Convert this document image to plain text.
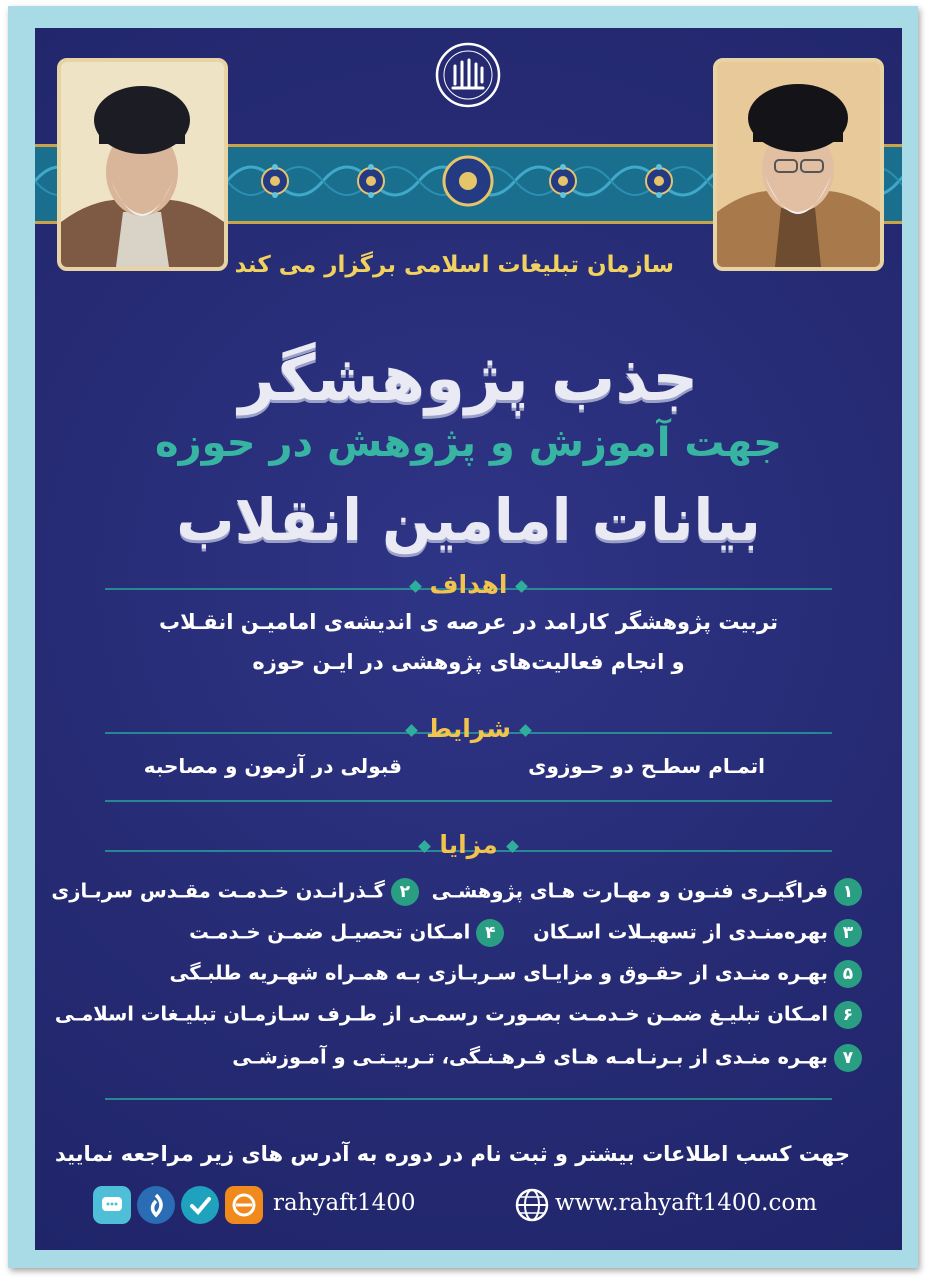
سازمان تبلیغات اسلامی برگزار می کند
جذب پژوهشگر
جهت آموزش و پژوهش در حوزه
بیانات امامین انقلاب
اهداف
تربیت پژوهشگر کارامد در عرصه ی اندیشه‌ی امامیـن انقـلاب
و انجام فعالیت‌های پژوهشی در ایـن حوزه
شرایط
اتمـام سطـح دو حـوزوی
قبولی در آزمون و مصاحبه
مزایا
۱فراگیـری فنـون و مهـارت هـای پژوهشـی ۲گـذرانـدن خـدمـت مقـدس سربـازی
۳بهره‌منـدی از تسهیـلات اسـکان ۴امـکان تحصیـل ضمـن خـدمـت
۵بهـره منـدی از حقـوق و مزایـای سـربـازی بـه همـراه شهـریه طلبـگی
۶امـکان تبلیـغ ضمـن خـدمـت بصـورت رسمـی از طـرف سـازمـان تبلیـغات اسلامـی
۷بهـره منـدی از بـرنـامـه هـای فـرهـنـگی، تـربیـتـی و آمـوزشـی
جهت کسب اطلاعات بیشتر و ثبت نام در دوره به آدرس های زیر مراجعه نمایید
www.rahyaft1400.com
rahyaft1400
